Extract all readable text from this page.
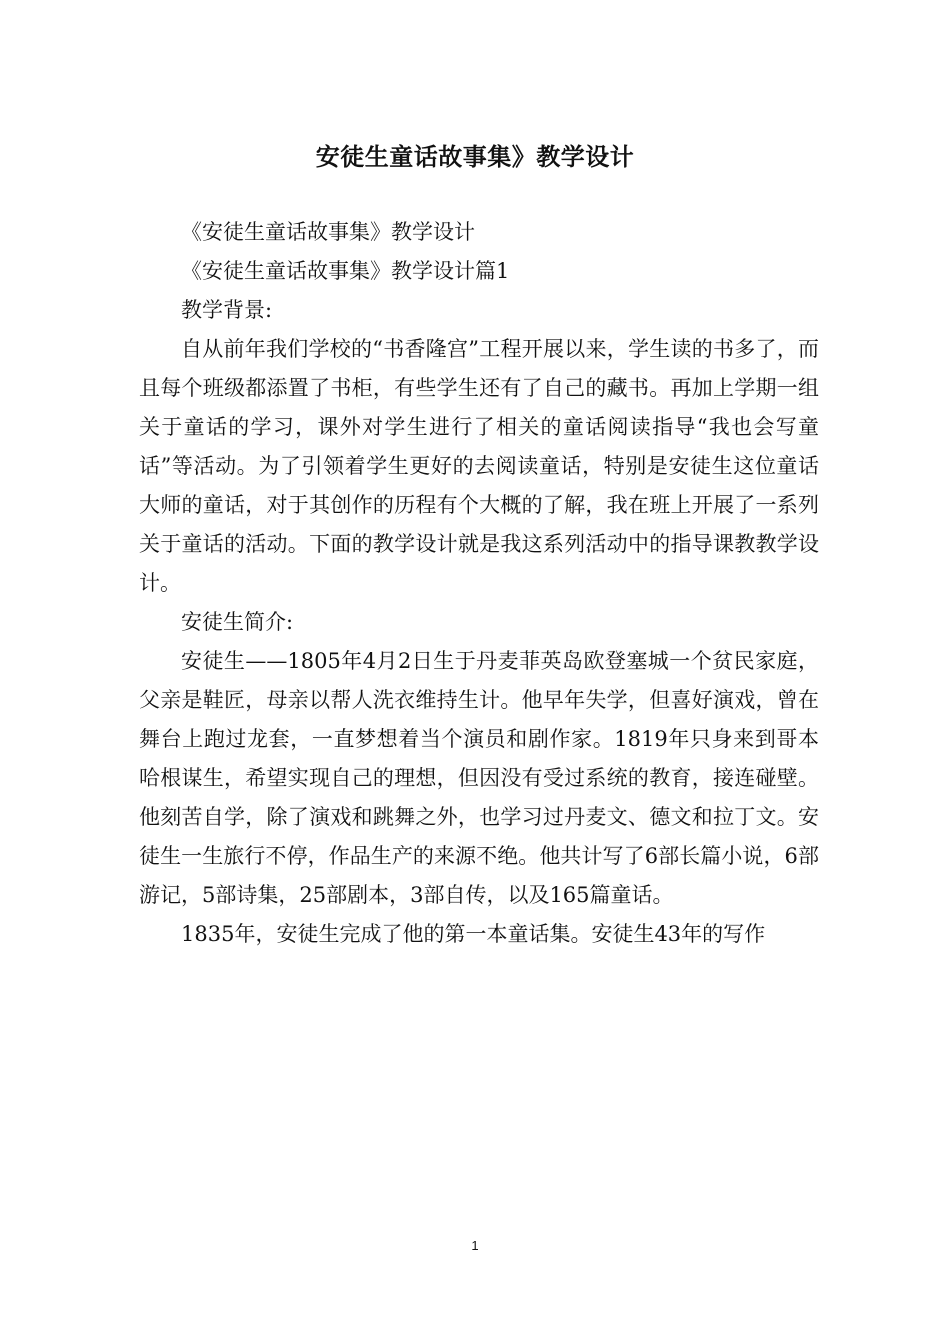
安徒生童话故事集》教学设计

《安徒生童话故事集》教学设计

《安徒生童话故事集》教学设计篇1

教学背景:

自从前年我们学校的“书香隆宫”工程开展以来，学生读的书多了，而且每个班级都添置了书柜，有些学生还有了自己的藏书。再加上学期一组关于童话的学习，课外对学生进行了相关的童话阅读指导“我也会写童话”等活动。为了引领着学生更好的去阅读童话，特别是安徒生这位童话大师的童话，对于其创作的历程有个大概的了解，我在班上开展了一系列关于童话的活动。下面的教学设计就是我这系列活动中的指导课教教学设计。

安徒生简介:

安徒生——1805年4月2日生于丹麦菲英岛欧登塞城一个贫民家庭，父亲是鞋匠，母亲以帮人洗衣维持生计。他早年失学，但喜好演戏，曾在舞台上跑过龙套，一直梦想着当个演员和剧作家。1819年只身来到哥本哈根谋生，希望实现自己的理想，但因没有受过系统的教育，接连碰壁。他刻苦自学，除了演戏和跳舞之外，也学习过丹麦文、德文和拉丁文。安徒生一生旅行不停，作品生产的来源不绝。他共计写了6部长篇小说，6部游记，5部诗集，25部剧本，3部自传，以及165篇童话。

1835年，安徒生完成了他的第一本童话集。安徒生43年的写作

1
